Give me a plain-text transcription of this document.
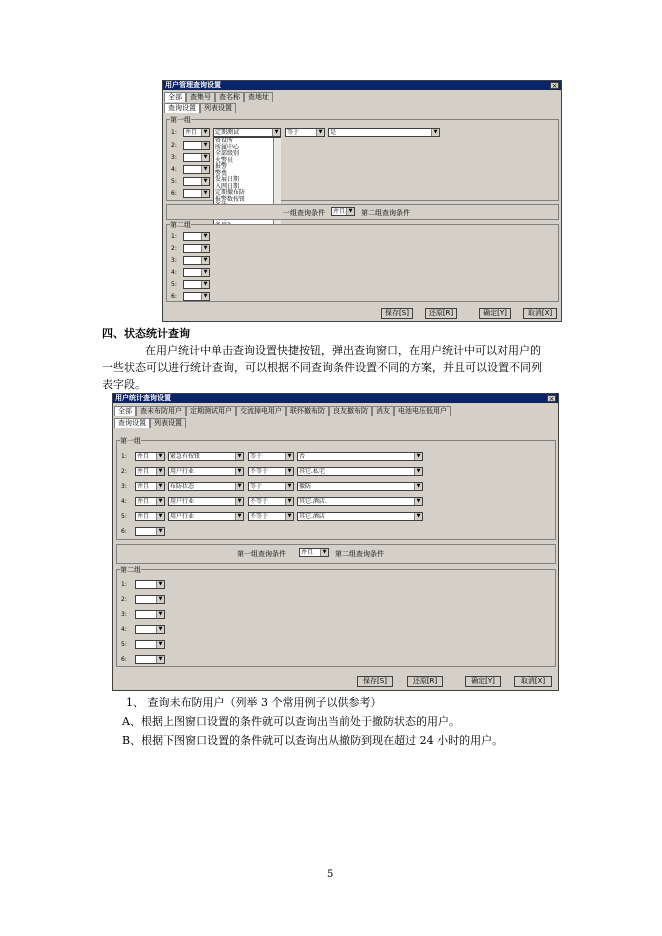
用户管理查询设置	×
全部	查集号	查名称	查地址
查询设置	列表设置
第一组
1:	并且	▼	定期测试	▼	等于	▼	是	▼
2:	▼
3:	▼
4:	▼
5:	▼
6:	▼
资设所
所属中心
全部级别
火警员
报警
警费
发展日期
入网日期
定期撤布防
报警数按钮
一组查询条件	并且 ▼ 第二组查询条件
第二组
1:	▼
2:	▼
3:	▼
4:	▼
5:	▼
6:	▼
保存[S]	还原[R]	确定[Y]	取消[X]
四、状态统计查询
在用户统计中单击查询设置快捷按钮，弹出查询窗口，在用户统计中可以对用户的
一些状态可以进行统计查询，可以根据不同查询条件设置不同的方案，并且可以设置不同列
表字段。
用户统计查询设置	×
全部	查未布防用户	定期测试用户	交流掉电用户	联怀撤布防	良友撤布防	消友	电池电压低用户
查询设置	列表设置
第一组
1:	并且	▼	紧急有按钮	▼	等于	▼	否	▼
2:	并且	▼	用户行业	▼	不等于	▼	其它.私宅	▼
3:	并且	▼	布防状态	▼	等于	▼	撤防	▼
4:	并且	▼	用户行业	▼	不等于	▼	其它.酒店.	▼
5:	并且	▼	用户行业	▼	不等于	▼	其它.酒店	▼
6:	▼
第一组查询条件	并且	▼ 第二组查询条件
第二组
1:	▼
2:	▼
3:	▼
4:	▼
5:	▼
6:	▼
保存[S]	还原[R]	确定[Y]	取消[X]
1、 查询未布防用户（列举 3 个常用例子以供参考）
A、根据上图窗口设置的条件就可以查询出当前处于撤防状态的用户。
B、根据下图窗口设置的条件就可以查询出从撤防到现在超过 24 小时的用户。
5
